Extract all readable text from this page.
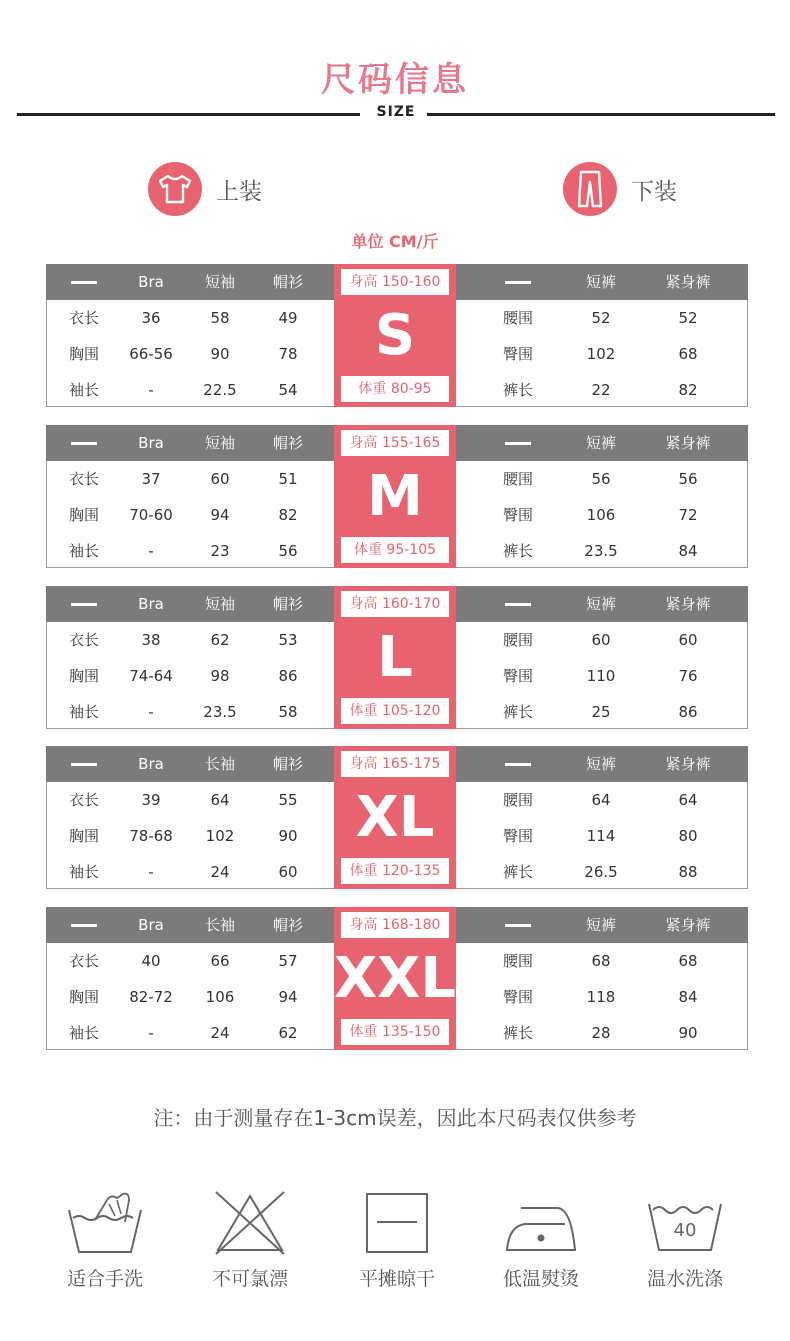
尺码信息
SIZE
上装	下装
单位 CM/斤
Bra	短袖	帽衫	短裤	紧身裤
衣长	36	58	49	腰围	52	52
胸围	66-56	90	78	臀围	102	68
袖长	-	22.5	54	裤长	22	82
身高 150-160
S
体重 80-95
Bra	短袖	帽衫	短裤	紧身裤
衣长	37	60	51	腰围	56	56
胸围	70-60	94	82	臀围	106	72
袖长	-	23	56	裤长	23.5	84
身高 155-165
M
体重 95-105
Bra	短袖	帽衫	短裤	紧身裤
衣长	38	62	53	腰围	60	60
胸围	74-64	98	86	臀围	110	76
袖长	-	23.5	58	裤长	25	86
身高 160-170
L
体重 105-120
Bra	长袖	帽衫	短裤	紧身裤
衣长	39	64	55	腰围	64	64
胸围	78-68	102	90	臀围	114	80
袖长	-	24	60	裤长	26.5	88
身高 165-175
XL
体重 120-135
Bra	长袖	帽衫	短裤	紧身裤
衣长	40	66	57	腰围	68	68
胸围	82-72	106	94	臀围	118	84
袖长	-	24	62	裤长	28	90
身高 168-180
XXL
体重 135-150
注：由于测量存在1-3cm误差，因此本尺码表仅供参考
适合手洗	不可氯漂	平摊晾干	低温熨烫
40
温水洗涤
